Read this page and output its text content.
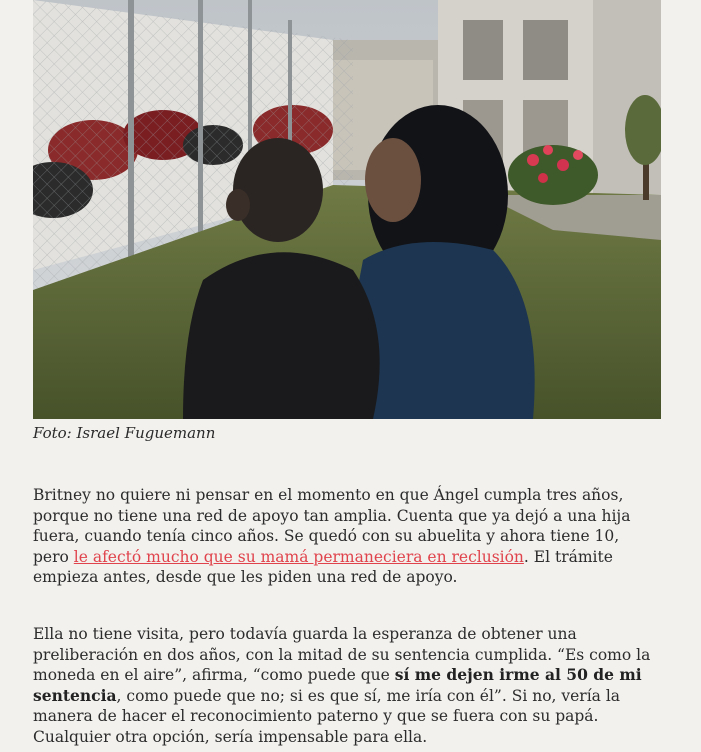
Foto: Israel Fuguemann

Britney no quiere ni pensar en el momento en que Ángel cumpla tres años, porque no tiene una red de apoyo tan amplia. Cuenta que ya dejó a una hija fuera, cuando tenía cinco años. Se quedó con su abuelita y ahora tiene 10, pero le afectó mucho que su mamá permaneciera en reclusión. El trámite empieza antes, desde que les piden una red de apoyo.

Ella no tiene visita, pero todavía guarda la esperanza de obtener una preliberación en dos años, con la mitad de su sentencia cumplida. “Es como la moneda en el aire”, afirma, “como puede que sí me dejen irme al 50 de mi sentencia, como puede que no; si es que sí, me iría con él”. Si no, vería la manera de hacer el reconocimiento paterno y que se fuera con su papá. Cualquier otra opción, sería impensable para ella.
